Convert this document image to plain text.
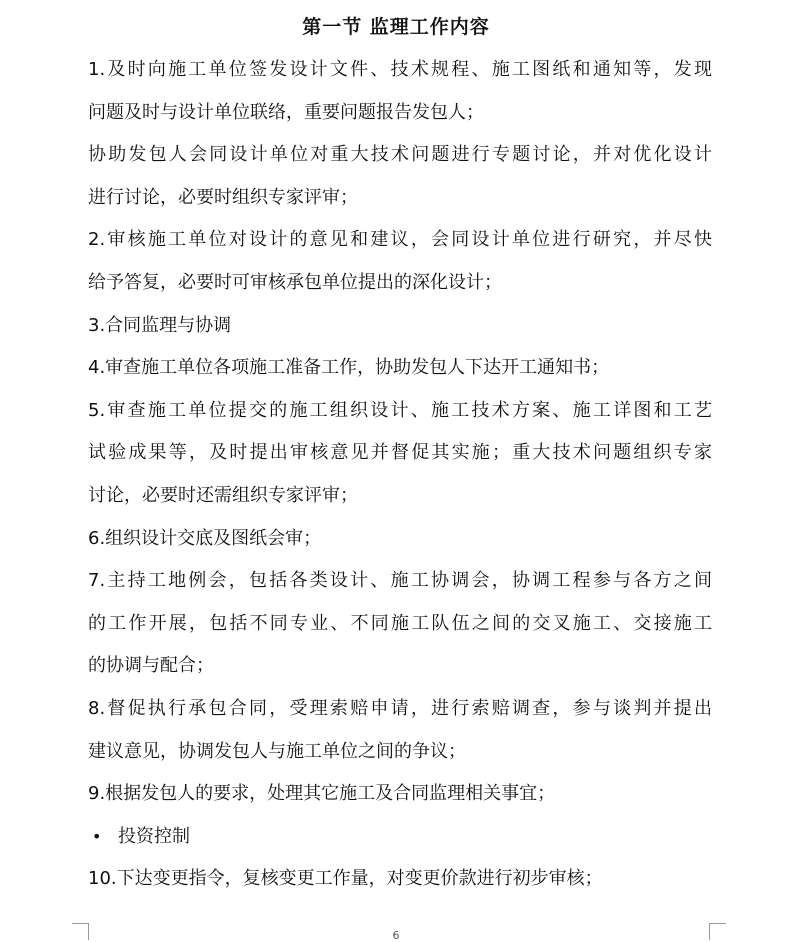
第一节 监理工作内容
1.及时向施工单位签发设计文件、技术规程、施工图纸和通知等，发现
问题及时与设计单位联络，重要问题报告发包人；
协助发包人会同设计单位对重大技术问题进行专题讨论，并对优化设计
进行讨论，必要时组织专家评审；
2.审核施工单位对设计的意见和建议，会同设计单位进行研究，并尽快
给予答复，必要时可审核承包单位提出的深化设计；
3.合同监理与协调
4.审查施工单位各项施工准备工作，协助发包人下达开工通知书；
5.审查施工单位提交的施工组织设计、施工技术方案、施工详图和工艺
试验成果等，及时提出审核意见并督促其实施；重大技术问题组织专家
讨论，必要时还需组织专家评审；
6.组织设计交底及图纸会审；
7.主持工地例会，包括各类设计、施工协调会，协调工程参与各方之间
的工作开展，包括不同专业、不同施工队伍之间的交叉施工、交接施工
的协调与配合；
8.督促执行承包合同，受理索赔申请，进行索赔调查，参与谈判并提出
建议意见，协调发包人与施工单位之间的争议；
9.根据发包人的要求，处理其它施工及合同监理相关事宜；
• 投资控制
10.下达变更指令，复核变更工作量，对变更价款进行初步审核；
6
